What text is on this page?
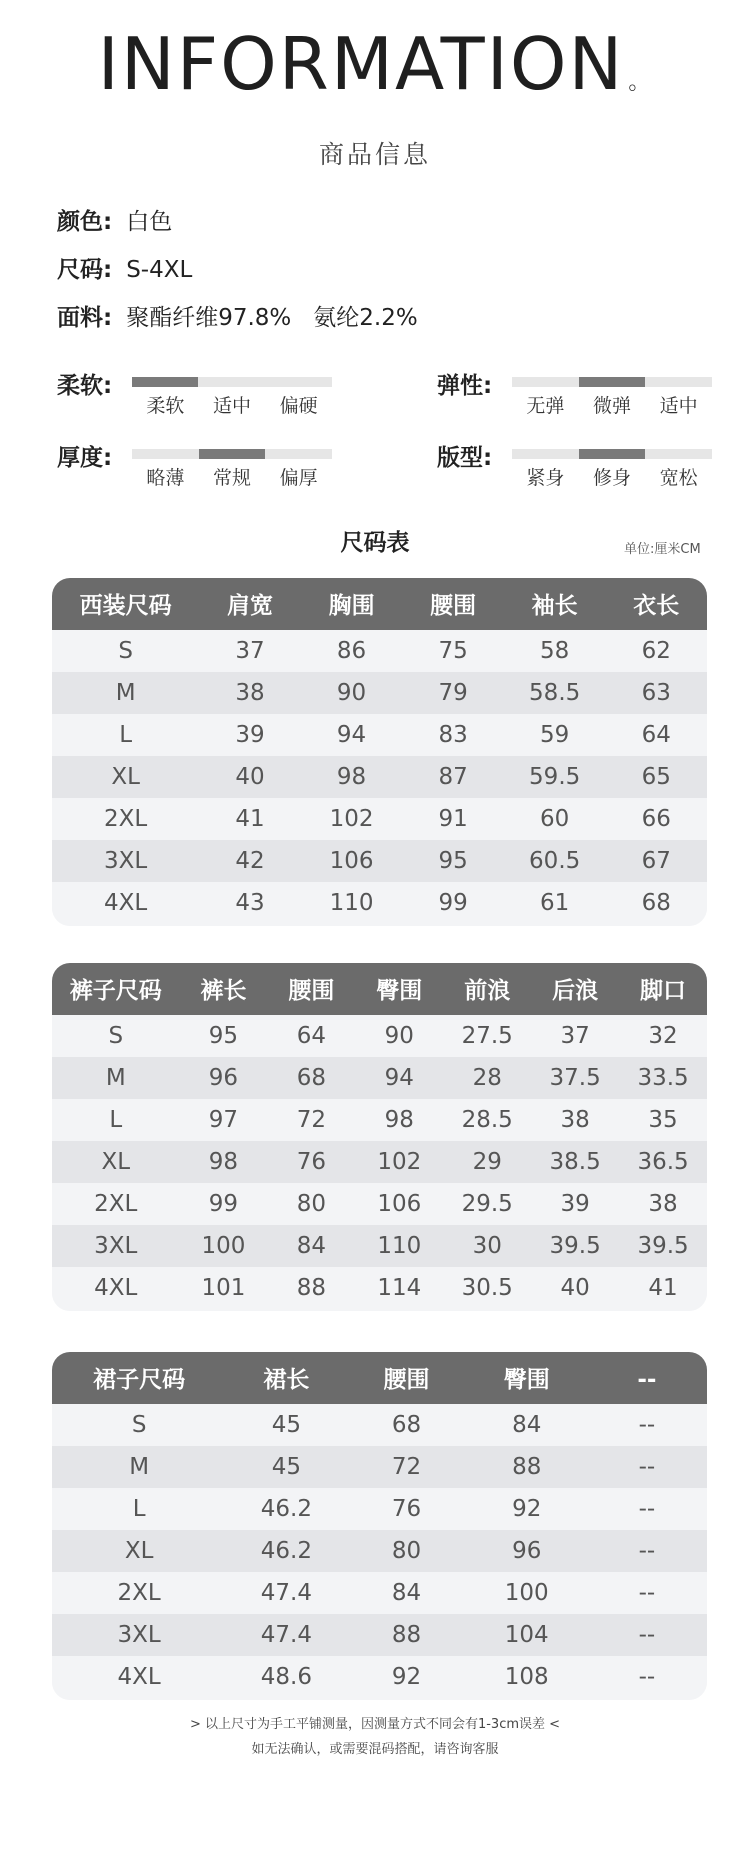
INFORMATION 。
商品信息
颜色: 白色
尺码: S-4XL
面料: 聚酯纤维97.8% 氨纶2.2%
柔软:
柔软	适中	偏硬
弹性:
无弹	微弹	适中
厚度:
略薄	常规	偏厚
版型:
紧身	修身	宽松
尺码表	单位:厘米CM
西装尺码	肩宽	胸围	腰围	袖长	衣长
S	37	86	75	58	62
M	38	90	79	58.5	63
L	39	94	83	59	64
XL	40	98	87	59.5	65
2XL	41	102	91	60	66
3XL	42	106	95	60.5	67
4XL	43	110	99	61	68
裤子尺码	裤长	腰围	臀围	前浪	后浪	脚口
S	95	64	90	27.5	37	32
M	96	68	94	28	37.5	33.5
L	97	72	98	28.5	38	35
XL	98	76	102	29	38.5	36.5
2XL	99	80	106	29.5	39	38
3XL	100	84	110	30	39.5	39.5
4XL	101	88	114	30.5	40	41
裙子尺码	裙长	腰围	臀围	--
S	45	68	84	--
M	45	72	88	--
L	46.2	76	92	--
XL	46.2	80	96	--
2XL	47.4	84	100	--
3XL	47.4	88	104	--
4XL	48.6	92	108	--
> 以上尺寸为手工平铺测量，因测量方式不同会有1-3cm误差 <
如无法确认，或需要混码搭配，请咨询客服
